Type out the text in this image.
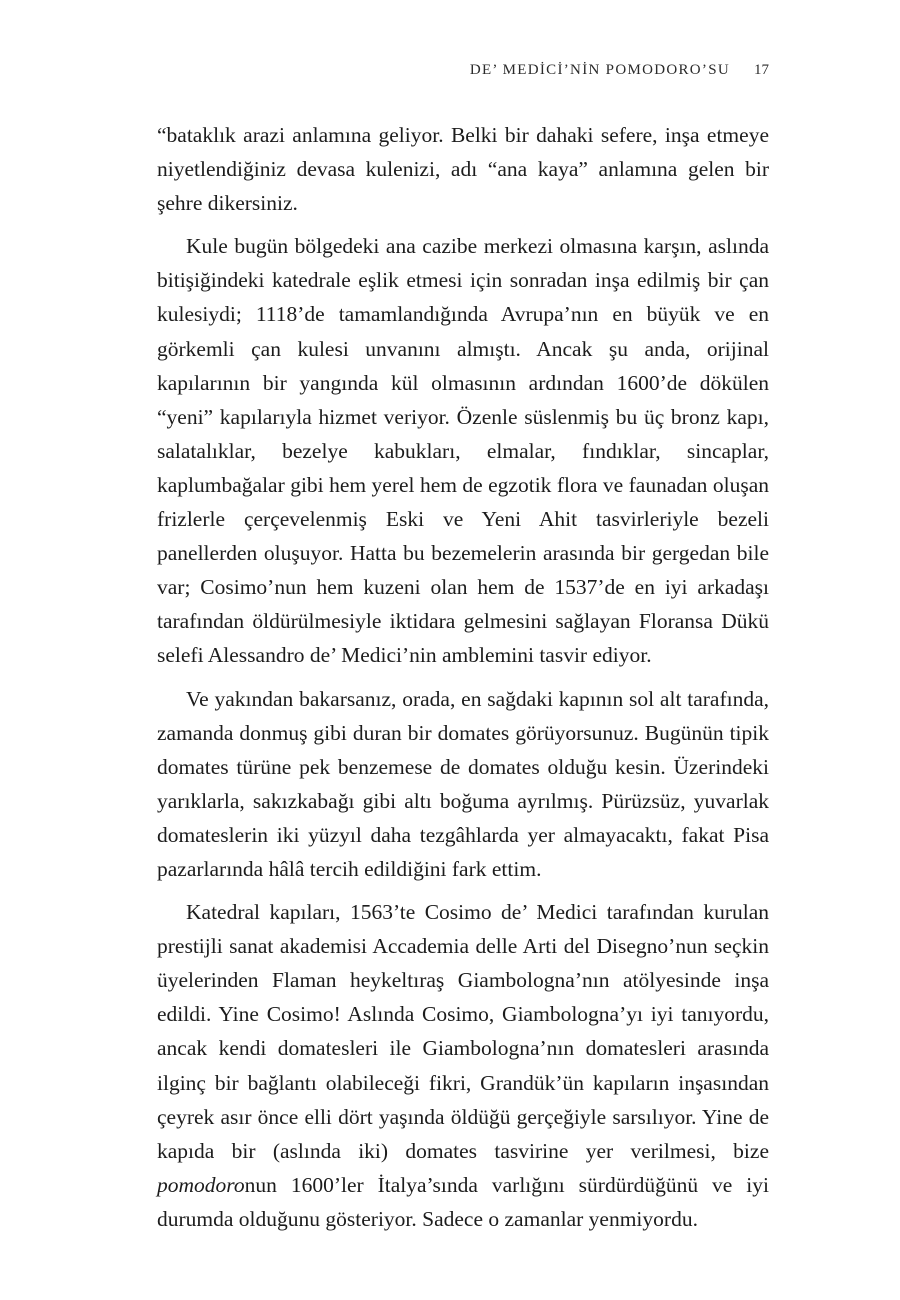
DE’ MEDİCİ’NİN POMODORO’SU 17

“bataklık arazi anlamına geliyor. Belki bir dahaki sefere, inşa etmeye niyetlendiğiniz devasa kulenizi, adı “ana kaya” anlamına gelen bir şehre dikersiniz.

Kule bugün bölgedeki ana cazibe merkezi olmasına karşın, aslında bitişiğindeki katedrale eşlik etmesi için sonradan inşa edilmiş bir çan kulesiydi; 1118’de tamamlandığında Avrupa’nın en büyük ve en görkemli çan kulesi unvanını almıştı. Ancak şu anda, orijinal kapılarının bir yangında kül olmasının ardından 1600’de dökülen “yeni” kapılarıyla hizmet veriyor. Özenle süslenmiş bu üç bronz kapı, salatalıklar, bezelye kabukları, elmalar, fındıklar, sincaplar, kaplumbağalar gibi hem yerel hem de egzotik flora ve faunadan oluşan frizlerle çerçevelenmiş Eski ve Yeni Ahit tasvirleriyle bezeli panellerden oluşuyor. Hatta bu bezemelerin arasında bir gergedan bile var; Cosimo’nun hem kuzeni olan hem de 1537’de en iyi arkadaşı tarafından öldürülmesiyle iktidara gelmesini sağlayan Floransa Dükü selefi Alessandro de’ Medici’nin amblemini tasvir ediyor.

Ve yakından bakarsanız, orada, en sağdaki kapının sol alt tarafında, zamanda donmuş gibi duran bir domates görüyorsunuz. Bugünün tipik domates türüne pek benzemese de domates olduğu kesin. Üzerindeki yarıklarla, sakızkabağı gibi altı boğuma ayrılmış. Pürüzsüz, yuvarlak domateslerin iki yüzyıl daha tezgâhlarda yer almayacaktı, fakat Pisa pazarlarında hâlâ tercih edildiğini fark ettim.

Katedral kapıları, 1563’te Cosimo de’ Medici tarafından kurulan prestijli sanat akademisi Accademia delle Arti del Disegno’nun seçkin üyelerinden Flaman heykeltıraş Giambologna’nın atölyesinde inşa edildi. Yine Cosimo! Aslında Cosimo, Giambologna’yı iyi tanıyordu, ancak kendi domatesleri ile Giambologna’nın domatesleri arasında ilginç bir bağlantı olabileceği fikri, Grandük’ün kapıların inşasından çeyrek asır önce elli dört yaşında öldüğü gerçeğiyle sarsılıyor. Yine de kapıda bir (aslında iki) domates tasvirine yer verilmesi, bize pomodoronun 1600’ler İtalya’sında varlığını sürdürdüğünü ve iyi durumda olduğunu gösteriyor. Sadece o zamanlar yenmiyordu.
